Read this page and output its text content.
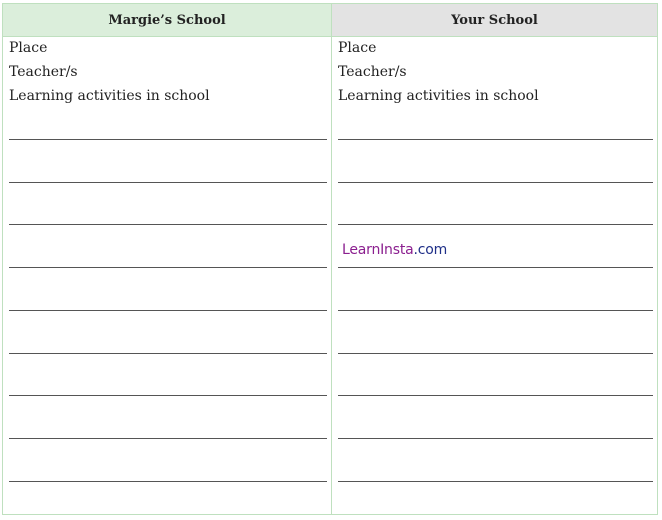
Margie’s School
Place
Teacher/s
Learning activities in school
Your School
Place
Teacher/s
Learning activities in school
LearnInsta.com
